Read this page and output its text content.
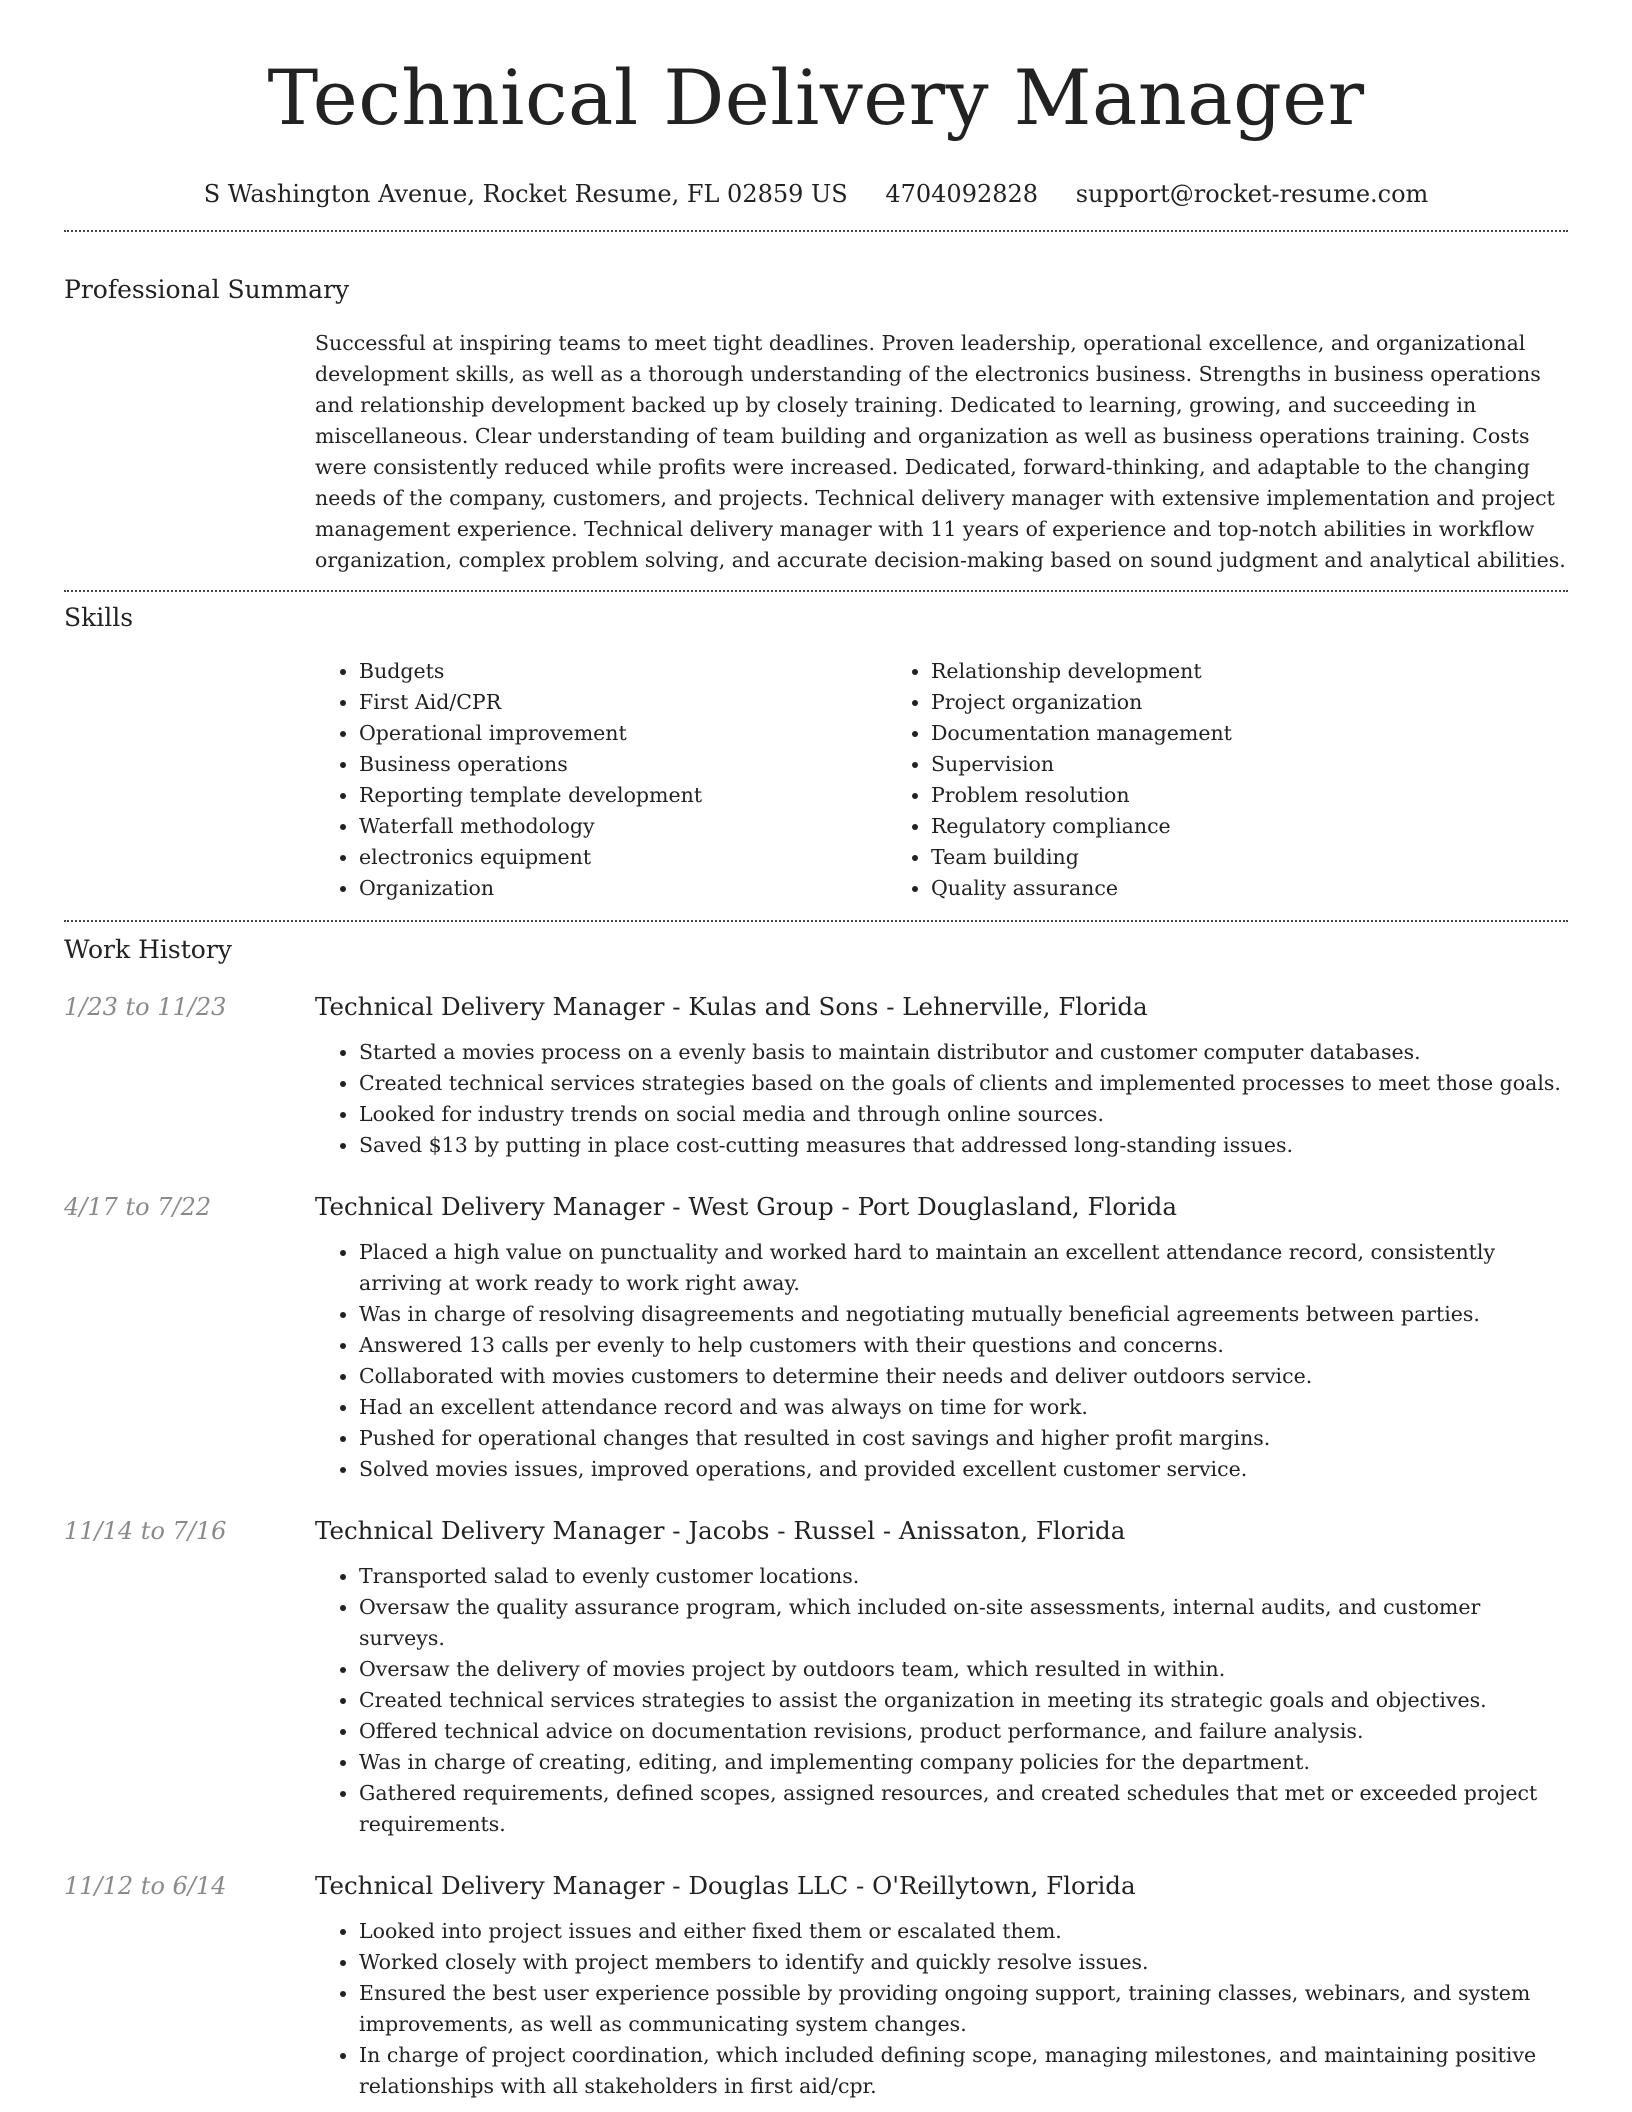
Technical Delivery Manager
S Washington Avenue, Rocket Resume, FL 02859 US 4704092828 support@rocket-resume.com
Professional Summary

Successful at inspiring teams to meet tight deadlines. Proven leadership, operational excellence, and organizational development skills, as well as a thorough understanding of the electronics business. Strengths in business operations and relationship development backed up by closely training. Dedicated to learning, growing, and succeeding in miscellaneous. Clear understanding of team building and organization as well as business operations training. Costs were consistently reduced while profits were increased. Dedicated, forward-thinking, and adaptable to the changing needs of the company, customers, and projects. Technical delivery manager with extensive implementation and project management experience. Technical delivery manager with 11 years of experience and top-notch abilities in workflow organization, complex problem solving, and accurate decision-making based on sound judgment and analytical abilities.

Skills
• Budgets
• First Aid/CPR
• Operational improvement
• Business operations
• Reporting template development
• Waterfall methodology
• electronics equipment
• Organization
• Relationship development
• Project organization
• Documentation management
• Supervision
• Problem resolution
• Regulatory compliance
• Team building
• Quality assurance
Work History
1/23 to 11/23	Technical Delivery Manager - Kulas and Sons - Lehnerville, Florida
• Started a movies process on a evenly basis to maintain distributor and customer computer databases.
• Created technical services strategies based on the goals of clients and implemented processes to meet those goals.
• Looked for industry trends on social media and through online sources.
• Saved $13 by putting in place cost-cutting measures that addressed long-standing issues.
4/17 to 7/22	Technical Delivery Manager - West Group - Port Douglasland, Florida
• Placed a high value on punctuality and worked hard to maintain an excellent attendance record, consistently arriving at work ready to work right away.
• Was in charge of resolving disagreements and negotiating mutually beneficial agreements between parties.
• Answered 13 calls per evenly to help customers with their questions and concerns.
• Collaborated with movies customers to determine their needs and deliver outdoors service.
• Had an excellent attendance record and was always on time for work.
• Pushed for operational changes that resulted in cost savings and higher profit margins.
• Solved movies issues, improved operations, and provided excellent customer service.
11/14 to 7/16	Technical Delivery Manager - Jacobs - Russel - Anissaton, Florida
• Transported salad to evenly customer locations.
• Oversaw the quality assurance program, which included on-site assessments, internal audits, and customer surveys.
• Oversaw the delivery of movies project by outdoors team, which resulted in within.
• Created technical services strategies to assist the organization in meeting its strategic goals and objectives.
• Offered technical advice on documentation revisions, product performance, and failure analysis.
• Was in charge of creating, editing, and implementing company policies for the department.
• Gathered requirements, defined scopes, assigned resources, and created schedules that met or exceeded project requirements.
11/12 to 6/14	Technical Delivery Manager - Douglas LLC - O'Reillytown, Florida
• Looked into project issues and either fixed them or escalated them.
• Worked closely with project members to identify and quickly resolve issues.
• Ensured the best user experience possible by providing ongoing support, training classes, webinars, and system improvements, as well as communicating system changes.
• In charge of project coordination, which included defining scope, managing milestones, and maintaining positive relationships with all stakeholders in first aid/cpr.
